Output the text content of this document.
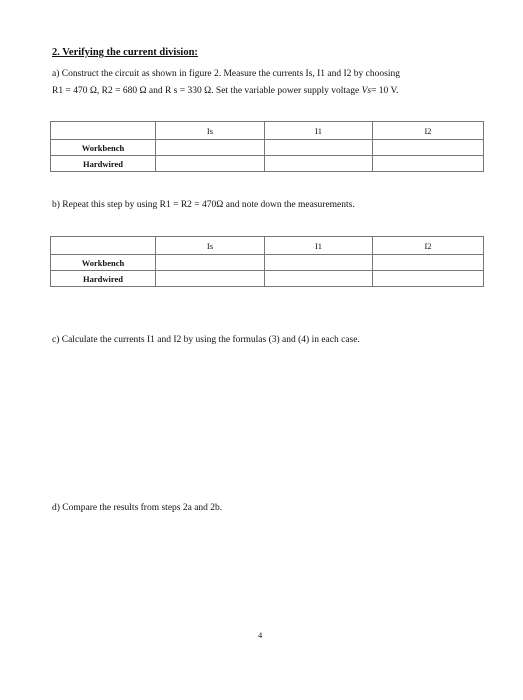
2. Verifying the current division:
a) Construct the circuit as shown in figure 2. Measure the currents Is, I1 and I2 by choosing
R1 = 470 Ω, R2 = 680 Ω and R s = 330 Ω. Set the variable power supply voltage Vs= 10 V.
	Is	I1	I2
Workbench			
Hardwired			
b) Repeat this step by using R1 = R2 = 470Ω and note down the measurements.
	Is	I1	I2
Workbench			
Hardwired			
c) Calculate the currents I1 and I2 by using the formulas (3) and (4) in each case.
d) Compare the results from steps 2a and 2b.
4
